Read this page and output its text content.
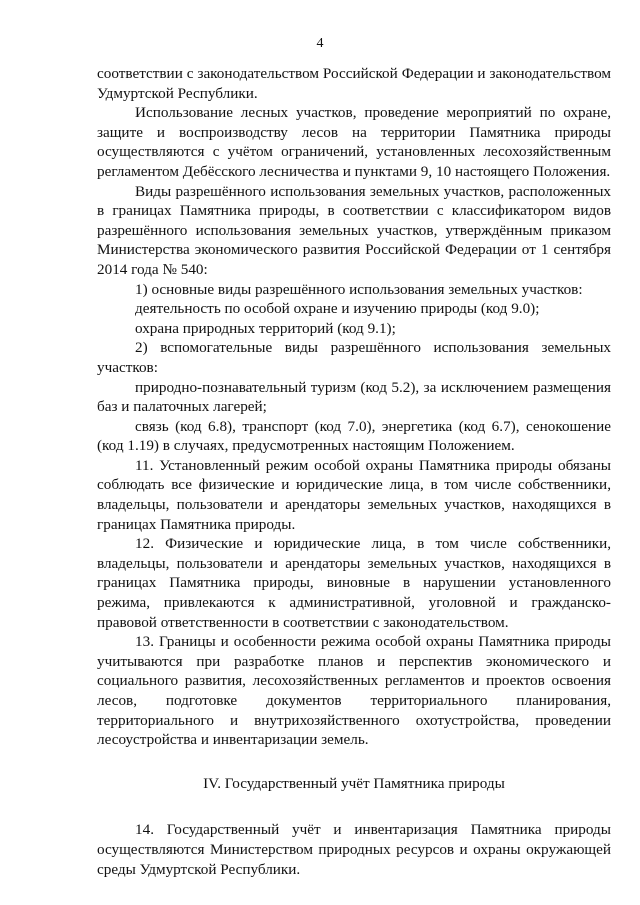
4

соответствии с законодательством Российской Федерации и законодательством Удмуртской Республики.

Использование лесных участков, проведение мероприятий по охране, защите и воспроизводству лесов на территории Памятника природы осуществляются с учётом ограничений, установленных лесохозяйственным регламентом Дебёсского лесничества и пунктами 9, 10 настоящего Положения.

Виды разрешённого использования земельных участков, расположенных в границах Памятника природы, в соответствии с классификатором видов разрешённого использования земельных участков, утверждённым приказом Министерства экономического развития Российской Федерации от 1 сентября 2014 года № 540:

1) основные виды разрешённого использования земельных участков:

деятельность по особой охране и изучению природы (код 9.0);

охрана природных территорий (код 9.1);

2) вспомогательные виды разрешённого использования земельных участков:

природно-познавательный туризм (код 5.2), за исключением размещения баз и палаточных лагерей;

связь (код 6.8), транспорт (код 7.0), энергетика (код 6.7), сенокошение (код 1.19) в случаях, предусмотренных настоящим Положением.

11. Установленный режим особой охраны Памятника природы обязаны соблюдать все физические и юридические лица, в том числе собственники, владельцы, пользователи и арендаторы земельных участков, находящихся в границах Памятника природы.

12. Физические и юридические лица, в том числе собственники, владельцы, пользователи и арендаторы земельных участков, находящихся в границах Памятника природы, виновные в нарушении установленного режима, привлекаются к административной, уголовной и гражданско-правовой ответственности в соответствии с законодательством.

13. Границы и особенности режима особой охраны Памятника природы учитываются при разработке планов и перспектив экономического и социального развития, лесохозяйственных регламентов и проектов освоения лесов, подготовке документов территориального планирования, территориального и внутрихозяйственного охотустройства, проведении лесоустройства и инвентаризации земель.

IV. Государственный учёт Памятника природы

14. Государственный учёт и инвентаризация Памятника природы осуществляются Министерством природных ресурсов и охраны окружающей среды Удмуртской Республики.
